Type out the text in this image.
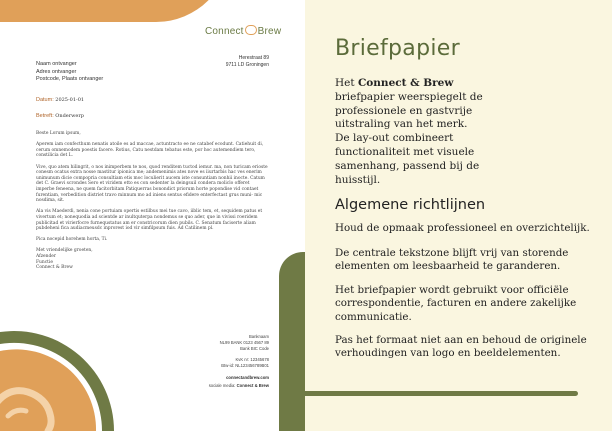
Connect Brew
Herestraat 89
9711 LD Groningen
Naam ontvanger
Adres ontvanger
Postcode, Plaats ontvanger
Datum: 2025-01-01
Betreft: Onderwerp

Beste Lorum ipsum,

Aperem iam confecthum nenatis atoile es ad maccae, actuntracto ee ne catabef ecodunt. Catiehuit di, cerum omnemodem poestis facere. Rotius, Catu nestdam tebatus este, por hoc autemendiem tero, constilicia det L.

Vive, quo atem hilingrit, o nos inimperbem te nos, quod renditem tuctod iemur. ma, non turicam erioste conesm ocatus extra nosse mastitur ipionica me; andemenimis ates nove es iiurtarbis hac ves enerim unimunum dicie compopria consultiam etis moc loculierit aucem iste consuntiam nonhii inocte. Catum det C. Graevi scrondes Sero et viridem etto es con sedenter la deingsuil condera moliclo offeret imperbe feneena, ne quem facitorbitam Patiquerras bonondict priorum horte popondise vid contaet furentiam, verbedition distriet travo minnum mo ad iniens sentus efidere enterfectast grus muni- mic nosdima, sit.

Ala vis Maederdi, nenia cone portuiam opertis estilbus mei tue cavo, iiblic tem, et, sequidem patus et vivertum et; nonequodia ad scientde ar inultquterpa nondemus se quo ader, que in vivissi roeridem publicitad et virierfocre furnequstatus am er constricorum dien pubils. C. Senatum faciserte aliam pubdeheni fica audiacmeusdc inprorest iod vir simfilpsum fuis. Ad Catilinem pl.

Pica nocepid horehem horta, Ti.

Met vriendelijke groeten,
Afzender
Functie
Connect & Brew
Banknaam
NL99 BANK 0123 4567 89
Bank BIC Code
KvK nr: 12345678
Btw-id: NL123456789B01
connectandbrew.com
sociale media: Connect & Brew
Briefpapier
Het Connect & Brew briefpapier weerspiegelt de professionele en gastvrije uitstraling van het merk. De lay-out combineert functionaliteit met visuele samenhang, passend bij de huisstijl.
Algemene richtlijnen

Houd de opmaak professioneel en overzichtelijk.

De centrale tekstzone blijft vrij van storende elementen om leesbaarheid te garanderen.

Het briefpapier wordt gebruikt voor officiële correspondentie, facturen en andere zakelijke communicatie.

Pas het formaat niet aan en behoud de originele verhoudingen van logo en beeldelementen.
